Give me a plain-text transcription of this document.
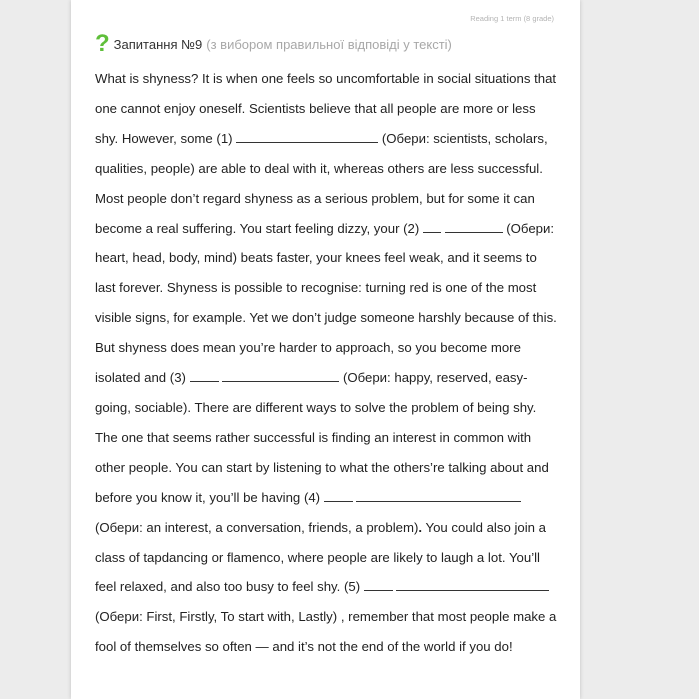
Reading 1 term (8 grade)
? Запитання №9 (з вибором правильної відповіді у тексті)
What is shyness? It is when one feels so uncomfortable in social situations that one cannot enjoy oneself. Scientists believe that all people are more or less shy. However, some (1)	(Обери: scientists, scholars, qualities, people) are able to deal with it, whereas others are less successful. Most people don’t regard shyness as a serious problem, but for some it can become a real suffering. You start feeling dizzy, your (2)	(Обери: heart, head, body, mind) beats faster, your knees feel weak, and it seems to last forever. Shyness is possible to recognise: turning red is one of the most visible signs, for example. Yet we don’t judge someone harshly because of this. But shyness does mean you’re harder to approach, so you become more isolated and (3)	(Обери: happy, reserved, easy-going, sociable). There are different ways to solve the problem of being shy. The one that seems rather successful is finding an interest in common with other people. You can start by listening to what the others’re talking about and before you know it, you’ll be having (4)   (Обери: an interest, a conversation, friends, a problem). You could also join a class of tapdancing or flamenco, where people are likely to laugh a lot. You’ll feel relaxed, and also too busy to feel shy. (5)   (Обери: First, Firstly, To start with, Lastly) , remember that most people make a fool of themselves so often — and it’s not the end of the world if you do!
